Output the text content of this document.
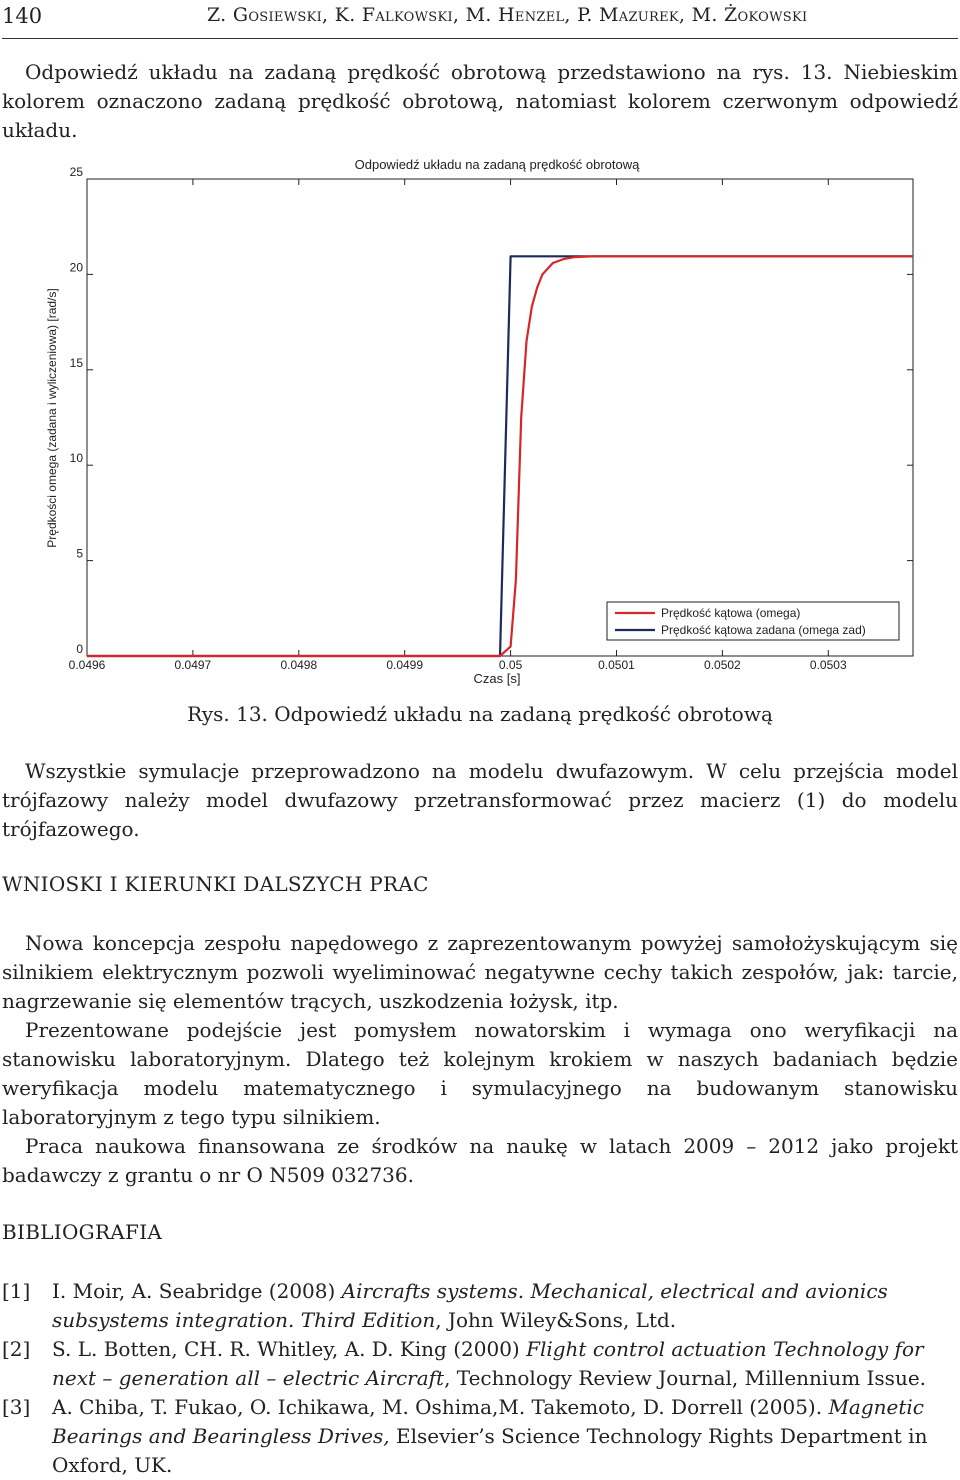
140	Z. Gosiewski, K. Falkowski, M. Henzel, P. Mazurek, M. Żokowski

Odpowiedź układu na zadaną prędkość obrotową przedstawiono na rys. 13. Niebieskim kolorem oznaczono zadaną prędkość obrotową, natomiast kolorem czerwonym odpowiedź układu.

Odpowiedź układu na zadaną prędkość obrotową
0
5
10
15
20
25
0.0496	0.0497	0.0498	0.0499	0.05	0.0501	0.0502	0.0503
Czas [s]
Prędkości omega (zadana i wyliczeniowa) [rad/s]
Prędkość kątowa (omega)
Prędkość kątowa zadana (omega zad)
Rys. 13. Odpowiedź układu na zadaną prędkość obrotową

Wszystkie symulacje przeprowadzono na modelu dwufazowym. W celu przejścia model trójfazowy należy model dwufazowy przetransformować przez macierz (1) do modelu trójfazowego.

WNIOSKI I KIERUNKI DALSZYCH PRAC

Nowa koncepcja zespołu napędowego z zaprezentowanym powyżej samołożyskującym się silnikiem elektrycznym pozwoli wyeliminować negatywne cechy takich zespołów, jak: tarcie, nagrzewanie się elementów trących, uszkodzenia łożysk, itp.

Prezentowane podejście jest pomysłem nowatorskim i wymaga ono weryfikacji na stanowisku laboratoryjnym. Dlatego też kolejnym krokiem w naszych badaniach będzie weryfikacja modelu matematycznego i symulacyjnego na budowanym stanowisku laboratoryjnym z tego typu silnikiem.

Praca naukowa finansowana ze środków na naukę w latach 2009 – 2012 jako projekt badawczy z grantu o nr O N509 032736.

BIBLIOGRAFIA
[1] I. Moir, A. Seabridge (2008) Aircrafts systems. Mechanical, electrical and avionics subsystems integration. Third Edition, John Wiley&Sons, Ltd.
[2] S. L. Botten, CH. R. Whitley, A. D. King (2000) Flight control actuation Technology for next – generation all – electric Aircraft, Technology Review Journal, Millennium Issue.
[3] A. Chiba, T. Fukao, O. Ichikawa, M. Oshima,M. Takemoto, D. Dorrell (2005). Magnetic Bearings and Bearingless Drives, Elsevier’s Science Technology Rights Department in Oxford, UK.
